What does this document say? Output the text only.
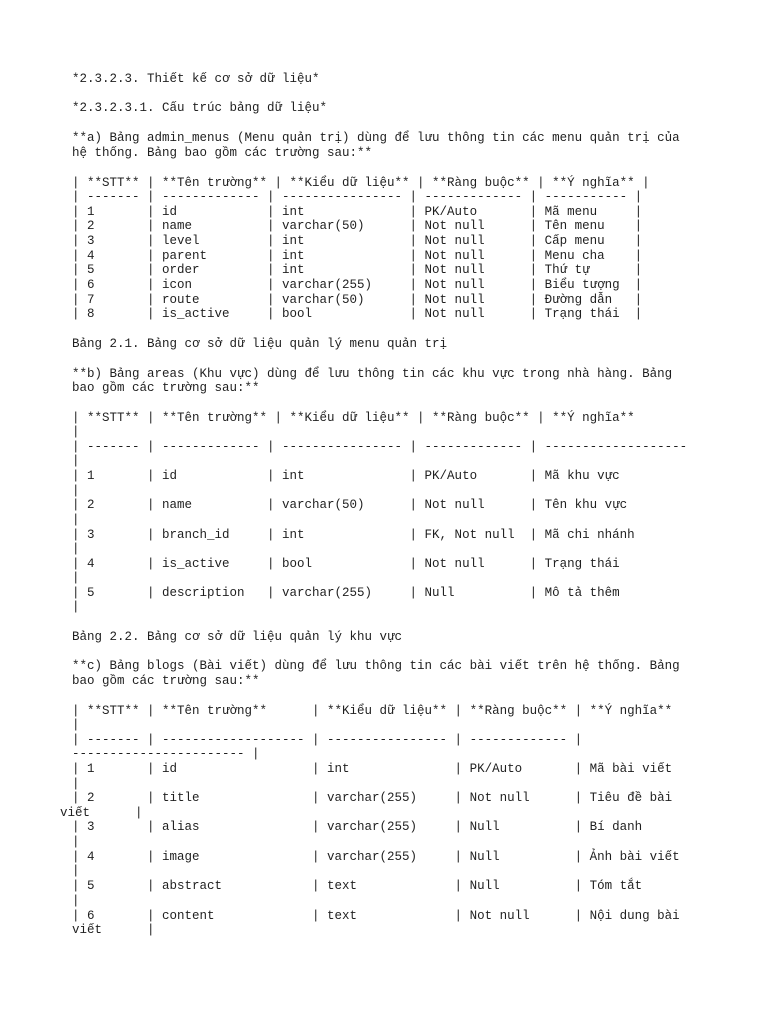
*2.3.2.3. Thiết kế cơ sở dữ liệu*
*2.3.2.3.1. Cấu trúc bảng dữ liệu*
**a) Bảng admin_menus (Menu quản trị) dùng để lưu thông tin các menu quản trị của
hệ thống. Bảng bao gồm các trường sau:**
| **STT** | **Tên trường** | **Kiểu dữ liệu** | **Ràng buộc** | **Ý nghĩa** |
| ------- | ------------- | ---------------- | ------------- | ----------- |
| 1       | id            | int              | PK/Auto       | Mã menu     |
| 2       | name          | varchar(50)      | Not null      | Tên menu    |
| 3       | level         | int              | Not null      | Cấp menu    |
| 4       | parent        | int              | Not null      | Menu cha    |
| 5       | order         | int              | Not null      | Thứ tự      |
| 6       | icon          | varchar(255)     | Not null      | Biểu tượng  |
| 7       | route         | varchar(50)      | Not null      | Đường dẫn   |
| 8       | is_active     | bool             | Not null      | Trạng thái  |
Bảng 2.1. Bảng cơ sở dữ liệu quản lý menu quản trị
**b) Bảng areas (Khu vực) dùng để lưu thông tin các khu vực trong nhà hàng. Bảng
bao gồm các trường sau:**
| **STT** | **Tên trường** | **Kiểu dữ liệu** | **Ràng buộc** | **Ý nghĩa**
|
| ------- | ------------- | ---------------- | ------------- | -------------------
|
| 1       | id            | int              | PK/Auto       | Mã khu vực
|
| 2       | name          | varchar(50)      | Not null      | Tên khu vực
|
| 3       | branch_id     | int              | FK, Not null  | Mã chi nhánh
|
| 4       | is_active     | bool             | Not null      | Trạng thái
|
| 5       | description   | varchar(255)     | Null          | Mô tả thêm
|
Bảng 2.2. Bảng cơ sở dữ liệu quản lý khu vực
**c) Bảng blogs (Bài viết) dùng để lưu thông tin các bài viết trên hệ thống. Bảng
bao gồm các trường sau:**
| **STT** | **Tên trường**      | **Kiểu dữ liệu** | **Ràng buộc** | **Ý nghĩa**
|
| ------- | ------------------- | ---------------- | ------------- |
----------------------- |
| 1       | id                  | int              | PK/Auto       | Mã bài viết
|
| 2       | title               | varchar(255)     | Not null      | Tiêu đề bài
viết      |
| 3       | alias               | varchar(255)     | Null          | Bí danh
|
| 4       | image               | varchar(255)     | Null          | Ảnh bài viết
|
| 5       | abstract            | text             | Null          | Tóm tắt
|
| 6       | content             | text             | Not null      | Nội dung bài
viết      |
